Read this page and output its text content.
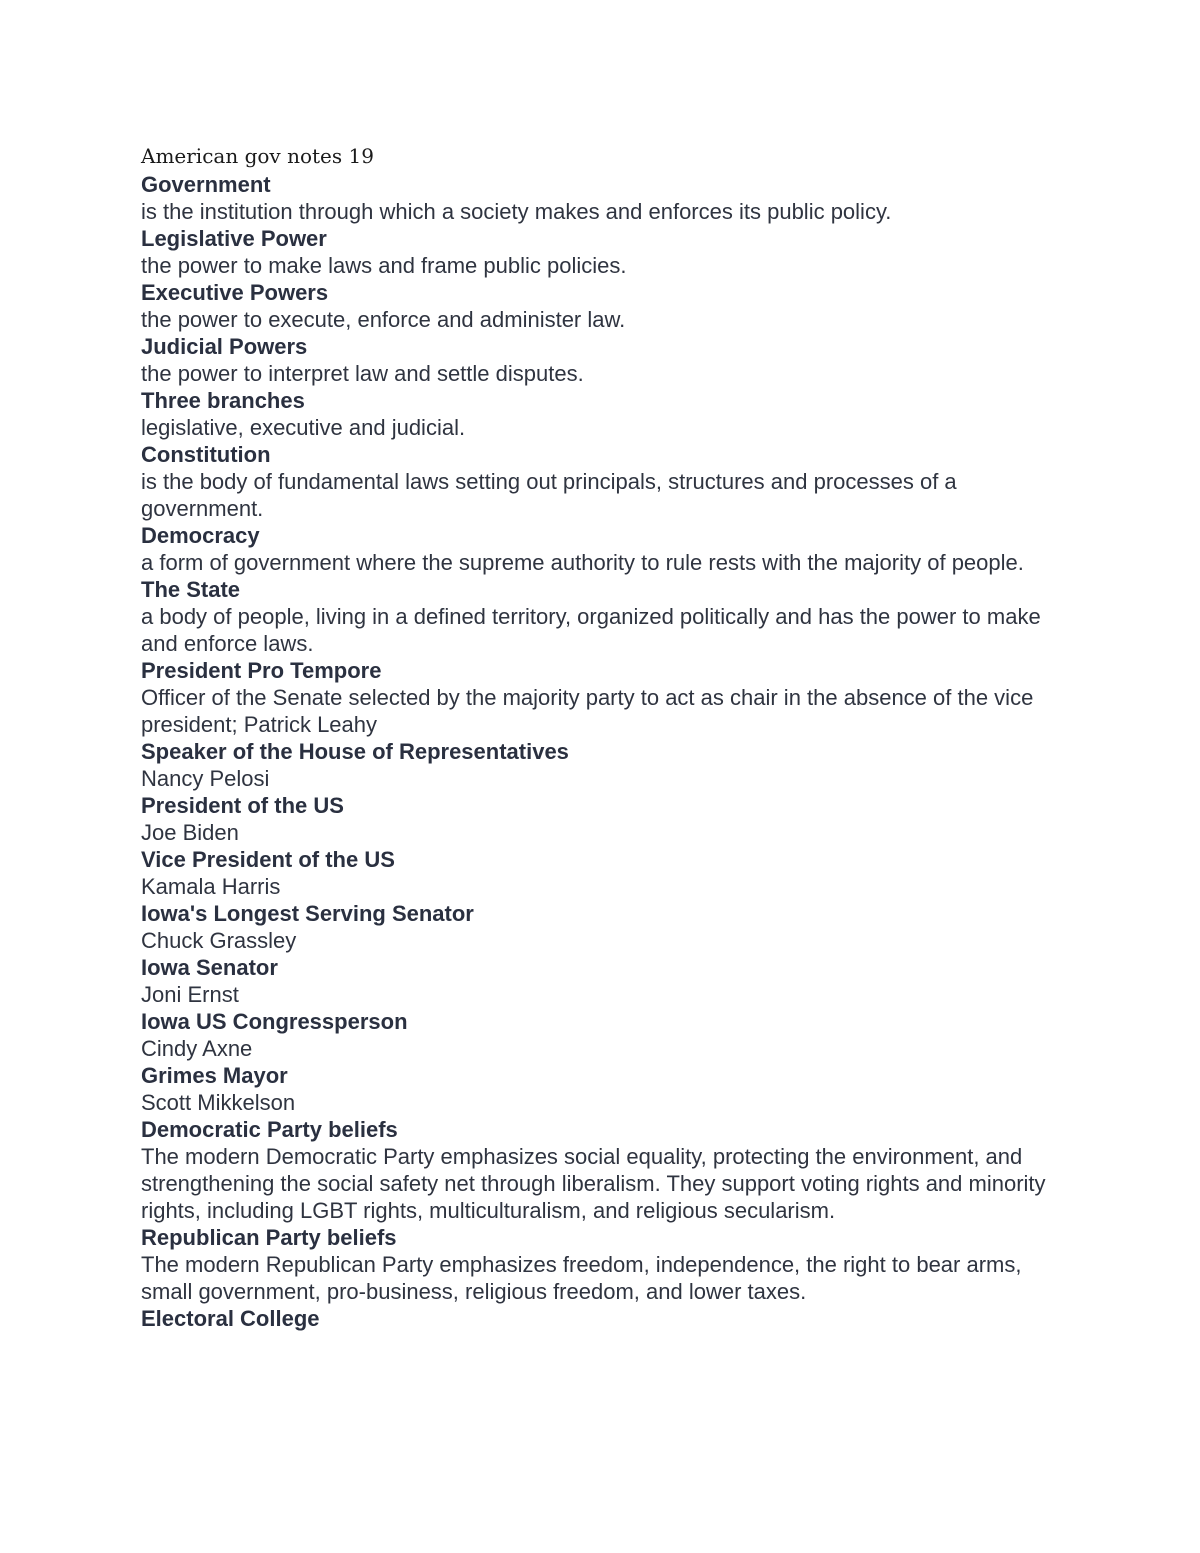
American gov notes 19
Government
is the institution through which a society makes and enforces its public policy.
Legislative Power
the power to make laws and frame public policies.
Executive Powers
the power to execute, enforce and administer law.
Judicial Powers
the power to interpret law and settle disputes.
Three branches
legislative, executive and judicial.
Constitution
is the body of fundamental laws setting out principals, structures and processes of a government.
Democracy
a form of government where the supreme authority to rule rests with the majority of people.
The State
a body of people, living in a defined territory, organized politically and has the power to make and enforce laws.
President Pro Tempore
Officer of the Senate selected by the majority party to act as chair in the absence of the vice president; Patrick Leahy
Speaker of the House of Representatives
Nancy Pelosi
President of the US
Joe Biden
Vice President of the US
Kamala Harris
Iowa's Longest Serving Senator
Chuck Grassley
Iowa Senator
Joni Ernst
Iowa US Congressperson
Cindy Axne
Grimes Mayor
Scott Mikkelson
Democratic Party beliefs
The modern Democratic Party emphasizes social equality, protecting the environment, and strengthening the social safety net through liberalism. They support voting rights and minority rights, including LGBT rights, multiculturalism, and religious secularism.
Republican Party beliefs
The modern Republican Party emphasizes freedom, independence, the right to bear arms, small government, pro-business, religious freedom, and lower taxes.
Electoral College
